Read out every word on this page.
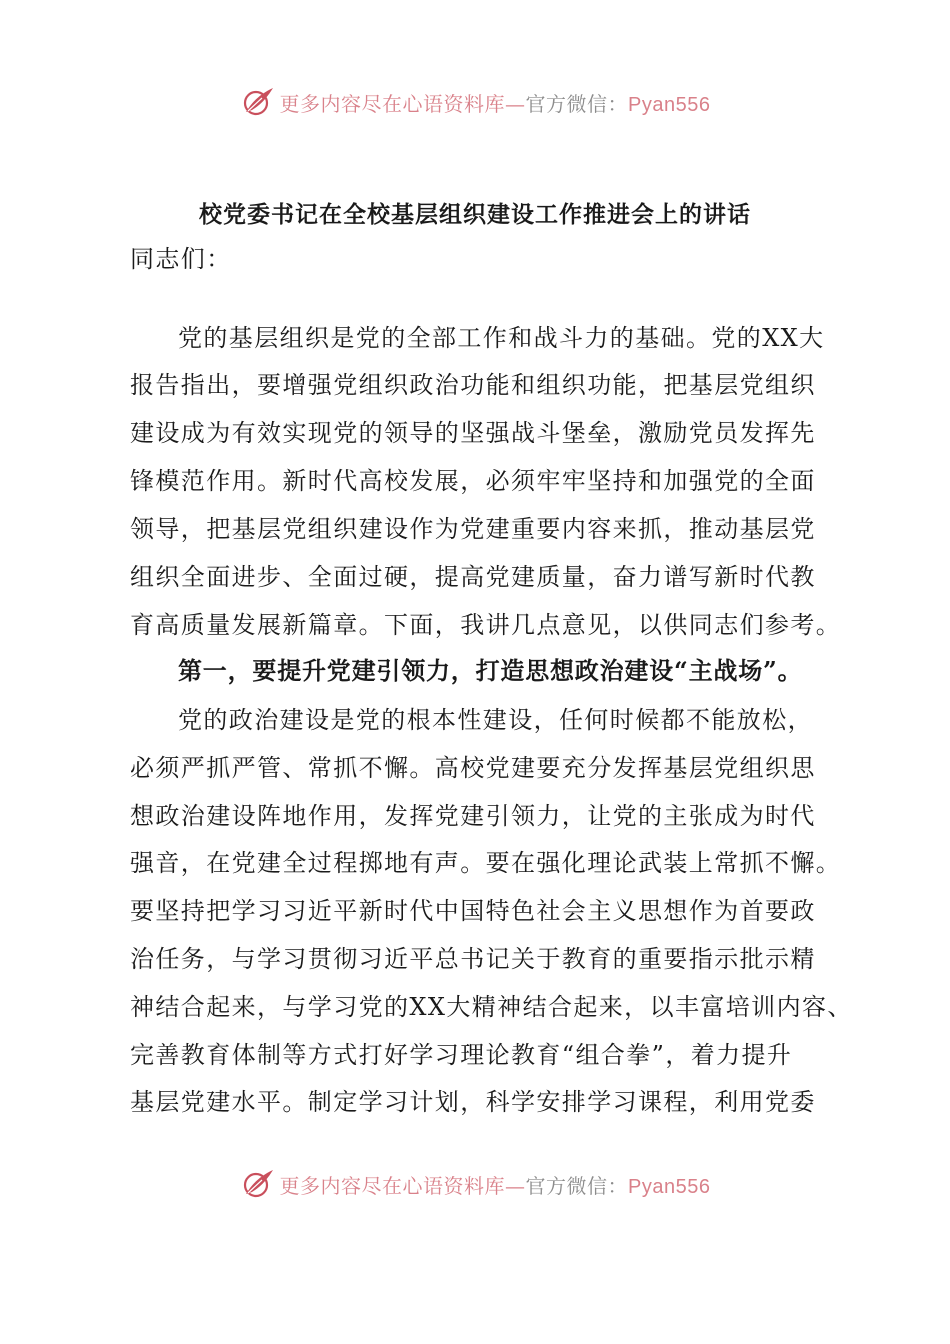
更多内容尽在心语资料库—官方微信：Pyan556
校党委书记在全校基层组织建设工作推进会上的讲话
同志们：
党的基层组织是党的全部工作和战斗力的基础。党的XX大
报告指出，要增强党组织政治功能和组织功能，把基层党组织
建设成为有效实现党的领导的坚强战斗堡垒，激励党员发挥先
锋模范作用。新时代高校发展，必须牢牢坚持和加强党的全面
领导，把基层党组织建设作为党建重要内容来抓，推动基层党
组织全面进步、全面过硬，提高党建质量，奋力谱写新时代教
育高质量发展新篇章。下面，我讲几点意见，以供同志们参考。
第一，要提升党建引领力，打造思想政治建设“主战场”。
党的政治建设是党的根本性建设，任何时候都不能放松，
必须严抓严管、常抓不懈。高校党建要充分发挥基层党组织思
想政治建设阵地作用，发挥党建引领力，让党的主张成为时代
强音，在党建全过程掷地有声。要在强化理论武装上常抓不懈。
要坚持把学习习近平新时代中国特色社会主义思想作为首要政
治任务，与学习贯彻习近平总书记关于教育的重要指示批示精
神结合起来，与学习党的XX大精神结合起来，以丰富培训内容、
完善教育体制等方式打好学习理论教育“组合拳”，着力提升
基层党建水平。制定学习计划，科学安排学习课程，利用党委
更多内容尽在心语资料库—官方微信：Pyan556
